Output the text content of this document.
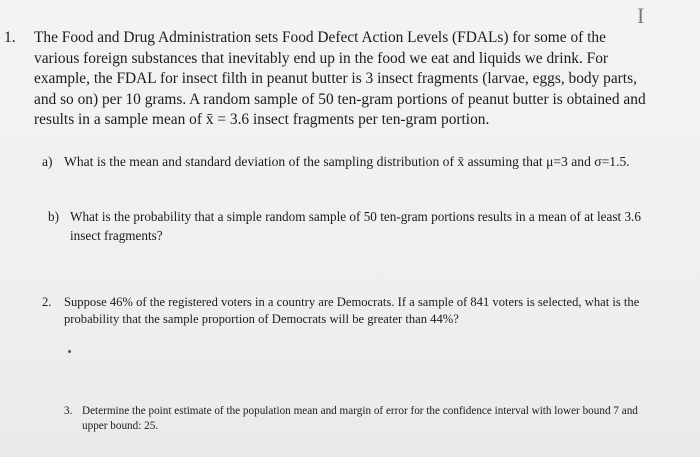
I
1. The Food and Drug Administration sets Food Defect Action Levels (FDALs) for some of the various foreign substances that inevitably end up in the food we eat and liquids we drink. For example, the FDAL for insect filth in peanut butter is 3 insect fragments (larvae, eggs, body parts, and so on) per 10 grams. A random sample of 50 ten-gram portions of peanut butter is obtained and results in a sample mean of x̄ = 3.6 insect fragments per ten-gram portion.
a) What is the mean and standard deviation of the sampling distribution of x̄ assuming that μ=3 and σ=1.5.
b) What is the probability that a simple random sample of 50 ten-gram portions results in a mean of at least 3.6 insect fragments?
2. Suppose 46% of the registered voters in a country are Democrats. If a sample of 841 voters is selected, what is the probability that the sample proportion of Democrats will be greater than 44%?
3. Determine the point estimate of the population mean and margin of error for the confidence interval with lower bound 7 and upper bound: 25.
